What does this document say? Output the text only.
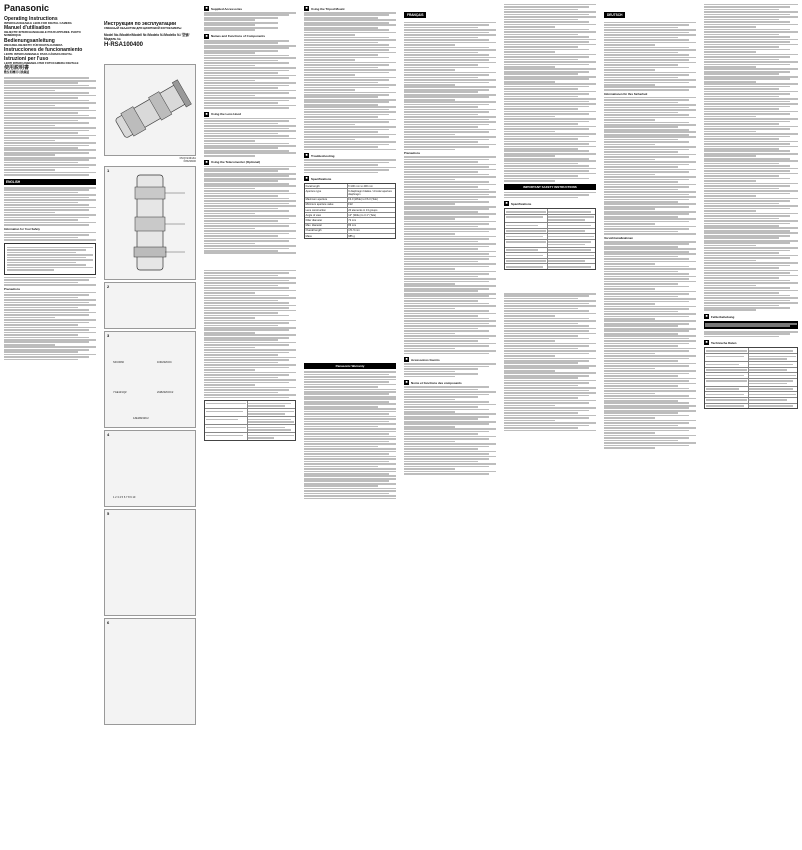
Panasonic
Operating Instructions
INTERCHANGEABLE LENS FOR DIGITAL CAMERA
Manuel d'utilisation
OBJECTIF INTERCHANGEABLE POUR APPAREIL PHOTO NUMÉRIQUE
Bedienungsanleitung
WECHSELOBJEKTIV FÜR DIGITALKAMERA
Instrucciones de funcionamiento
LENTE INTERCAMBIABLE PARA CÁMARA DIGITAL
Istruzioni per l'uso
LENTI INTERCAMBIABILI PER FOTOCAMERA DIGITALE
使用説明書
數位相機用可換鏡頭
ENGLISH
Information for Your Safety
Precautions
Инструкция по эксплуатации
СМЕННЫЙ ОБЪЕКТИВ ДЛЯ ЦИФРОВОЙ ФОТОКАМЕРЫ
Model No./Modèle/Modell Nr./Modelo N./Modello N./ 型號/ Модель №
H-RSA100400
DVQX2431ZA
F0523KD0
1
2
3
SFC0060	1ND23ZC0C
YGE1Z1QZ	2GB23ZC0C2
1ZE1B23ZC2
4
1 2 3 4 5 6 7 8 9 10
5
6
■	Supplied Accessories
■	Names and Functions of Components
■	Using the Lens Hood
■	Using the Teleconverter (Optional)
■	Using the Tripod Mount
■	Troubleshooting
■	Specifications
Focal length	f=100 mm to 400 mm
Aperture type	9 diaphragm blades / circular aperture diaphragm
Maximum aperture	F4.0 (Wide) to F6.3 (Tele)
Minimum aperture value	F22
Lens construction	20 elements in 13 groups
Angle of view	12° (Wide) to 3.1° (Tele)
Filter diameter	72 mm
Max. diameter	83 mm
Overall length	171.5 mm
Mass	985 g
Panasonic Warranty
FRANÇAIS
Précautions
■	Accessoires fournis
■	Noms et fonctions des composants
IMPORTANT SAFETY INSTRUCTIONS
■	Spécifications
DEUTSCH
Informationen für Ihre Sicherheit
Vorsichtsmaßnahmen
■	Fehlerbehebung
■	Technische Daten
